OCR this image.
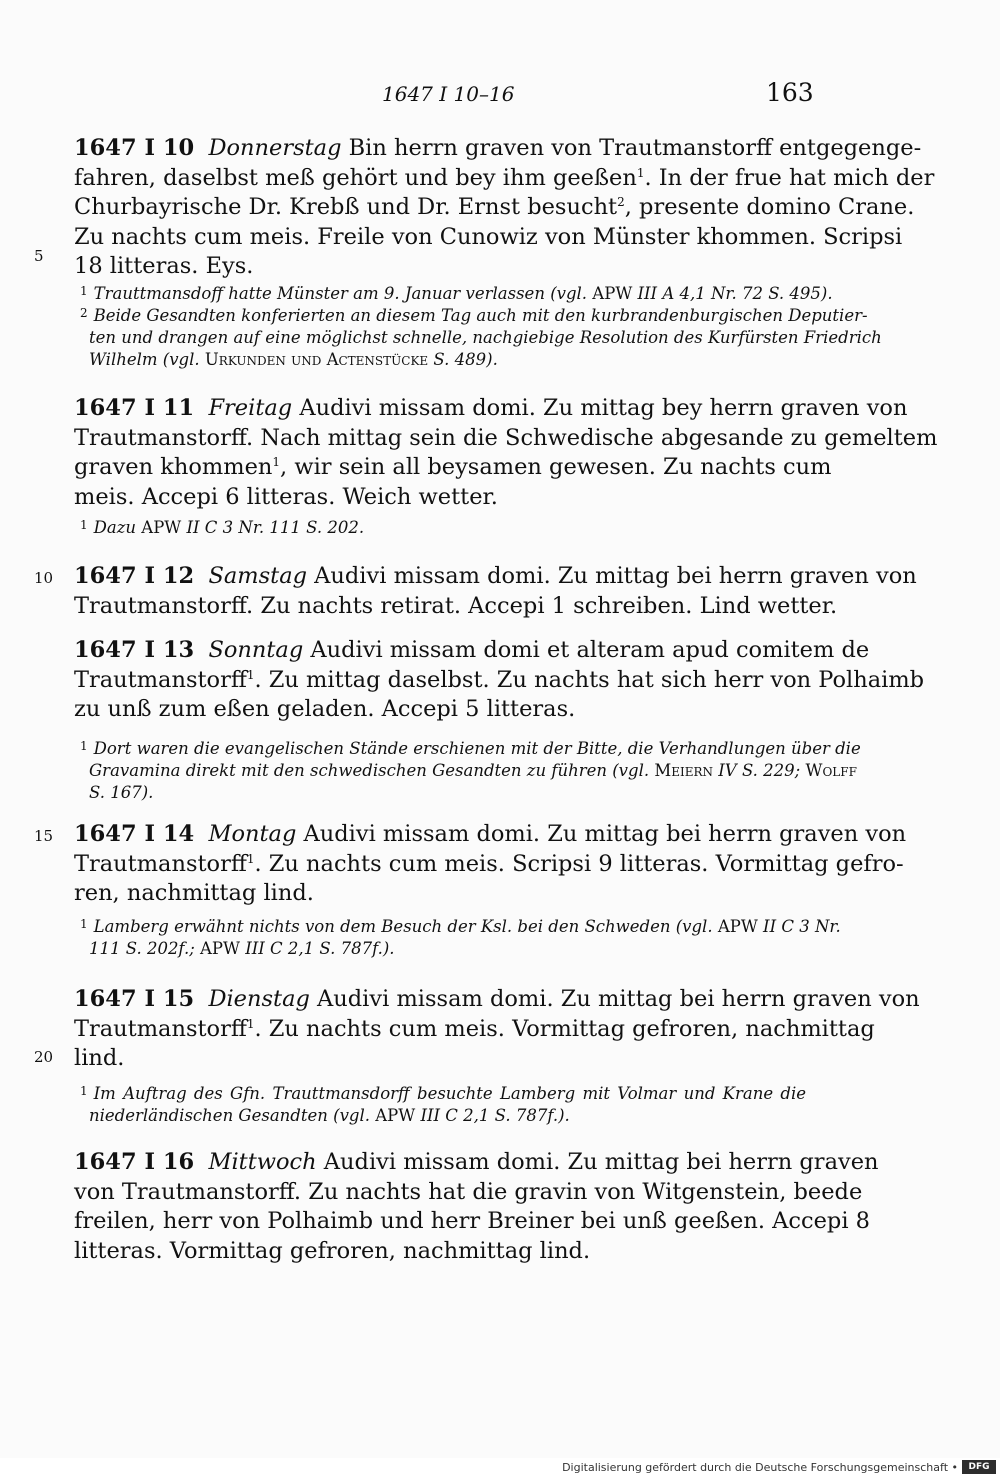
1647 I 10–16	163
1647 I 10 Donnerstag Bin herrn graven von Trautmanstorff entgegenge-
fahren, daselbst meß gehört und bey ihm geeßen$^1$. In der frue hat mich der
Churbayrische Dr. Krebß und Dr. Ernst besucht$^2$, presente domino Crane.
Zu nachts cum meis. Freile von Cunowiz von Münster khommen. Scripsi
18 litteras. Eys.
5
$^1$ Trauttmansdoff hatte Münster am 9. Januar verlassen (vgl. APW III A 4,1 Nr. 72 S. 495).
$^2$ Beide Gesandten konferierten an diesem Tag auch mit den kurbrandenburgischen Deputier-
ten und drangen auf eine möglichst schnelle, nachgiebige Resolution des Kurfürsten Friedrich
Wilhelm (vgl. Urkunden und Actenstücke S. 489).
1647 I 11 Freitag Audivi missam domi. Zu mittag bey herrn graven von
Trautmanstorff. Nach mittag sein die Schwedische abgesande zu gemeltem
graven khommen$^1$, wir sein all beysamen gewesen. Zu nachts cum
meis. Accepi 6 litteras. Weich wetter.
$^1$ Dazu APW II C 3 Nr. 111 S. 202.
1647 I 12 Samstag Audivi missam domi. Zu mittag bei herrn graven von
Trautmanstorff. Zu nachts retirat. Accepi 1 schreiben. Lind wetter.
10
1647 I 13 Sonntag Audivi missam domi et alteram apud comitem de
Trautmanstorff$^1$. Zu mittag daselbst. Zu nachts hat sich herr von Polhaimb
zu unß zum eßen geladen. Accepi 5 litteras.
$^1$ Dort waren die evangelischen Stände erschienen mit der Bitte, die Verhandlungen über die
Gravamina direkt mit den schwedischen Gesandten zu führen (vgl. Meiern IV S. 229; Wolff
S. 167).
1647 I 14 Montag Audivi missam domi. Zu mittag bei herrn graven von
Trautmanstorff$^1$. Zu nachts cum meis. Scripsi 9 litteras. Vormittag gefro-
ren, nachmittag lind.
15
$^1$ Lamberg erwähnt nichts von dem Besuch der Ksl. bei den Schweden (vgl. APW II C 3 Nr.
111 S. 202f.; APW III C 2,1 S. 787f.).
1647 I 15 Dienstag Audivi missam domi. Zu mittag bei herrn graven von
Trautmanstorff$^1$. Zu nachts cum meis. Vormittag gefroren, nachmittag
lind.
20
$^1$ Im Auftrag des Gfn. Trauttmansdorff besuchte Lamberg mit Volmar und Krane die
niederländischen Gesandten (vgl. APW III C 2,1 S. 787f.).
1647 I 16 Mittwoch Audivi missam domi. Zu mittag bei herrn graven
von Trautmanstorff. Zu nachts hat die gravin von Witgenstein, beede
freilen, herr von Polhaimb und herr Breiner bei unß geeßen. Accepi 8
litteras. Vormittag gefroren, nachmittag lind.
Digitalisierung gefördert durch die Deutsche Forschungsgemeinschaft •	DFG
